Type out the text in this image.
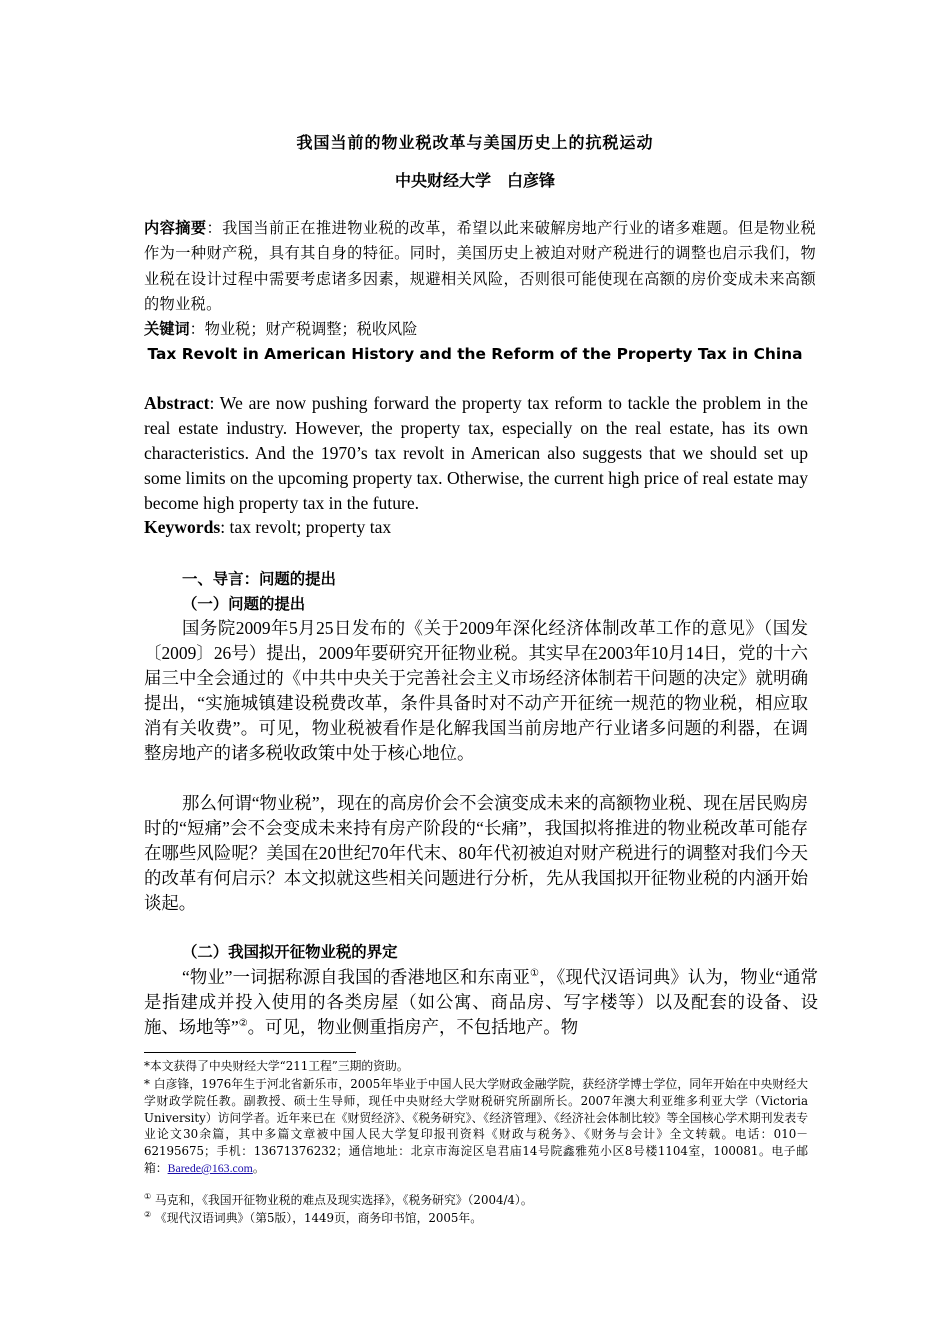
我国当前的物业税改革与美国历史上的抗税运动
中央财经大学　白彦锋
内容摘要：我国当前正在推进物业税的改革，希望以此来破解房地产行业的诸多难题。但是物业税作为一种财产税，具有其自身的特征。同时，美国历史上被迫对财产税进行的调整也启示我们，物业税在设计过程中需要考虑诸多因素，规避相关风险，否则很可能使现在高额的房价变成未来高额的物业税。
关键词：物业税；财产税调整；税收风险
Tax Revolt in American History and the Reform of the Property Tax in China
Abstract: We are now pushing forward the property tax reform to tackle the problem in the real estate industry. However, the property tax, especially on the real estate, has its own characteristics. And the 1970’s tax revolt in American also suggests that we should set up some limits on the upcoming property tax. Otherwise, the current high price of real estate may become high property tax in the future.
Keywords: tax revolt; property tax
一、导言：问题的提出
（一）问题的提出

国务院2009年5月25日发布的《关于2009年深化经济体制改革工作的意见》（国发〔2009〕26号）提出，2009年要研究开征物业税。其实早在2003年10月14日，党的十六届三中全会通过的《中共中央关于完善社会主义市场经济体制若干问题的决定》就明确提出，“实施城镇建设税费改革，条件具备时对不动产开征统一规范的物业税，相应取消有关收费”。可见，物业税被看作是化解我国当前房地产行业诸多问题的利器，在调整房地产的诸多税收政策中处于核心地位。

那么何谓“物业税”，现在的高房价会不会演变成未来的高额物业税、现在居民购房时的“短痛”会不会变成未来持有房产阶段的“长痛”，我国拟将推进的物业税改革可能存在哪些风险呢？美国在20世纪70年代末、80年代初被迫对财产税进行的调整对我们今天的改革有何启示？本文拟就这些相关问题进行分析，先从我国拟开征物业税的内涵开始谈起。

（二）我国拟开征物业税的界定

“物业”一词据称源自我国的香港地区和东南亚①，《现代汉语词典》认为，物业“通常是指建成并投入使用的各类房屋（如公寓、商品房、写字楼等）以及配套的设备、设施、场地等”②。可见，物业侧重指房产，不包括地产。物

*本文获得了中央财经大学“211工程”三期的资助。
* 白彦锋，1976年生于河北省新乐市，2005年毕业于中国人民大学财政金融学院，获经济学博士学位，同年开始在中央财经大学财政学院任教。副教授、硕士生导师，现任中央财经大学财税研究所副所长。2007年澳大利亚维多利亚大学（Victoria University）访问学者。近年来已在《财贸经济》、《税务研究》、《经济管理》、《经济社会体制比较》等全国核心学术期刊发表专业论文30余篇，其中多篇文章被中国人民大学复印报刊资料《财政与税务》、《财务与会计》全文转载。电话：010－62195675；手机：13671376232；通信地址：北京市海淀区皂君庙14号院鑫雅苑小区8号楼1104室，100081。电子邮箱：Barede@163.com。
① 马克和，《我国开征物业税的难点及现实选择》，《税务研究》（2004/4）。
② 《现代汉语词典》（第5版），1449页，商务印书馆，2005年。
